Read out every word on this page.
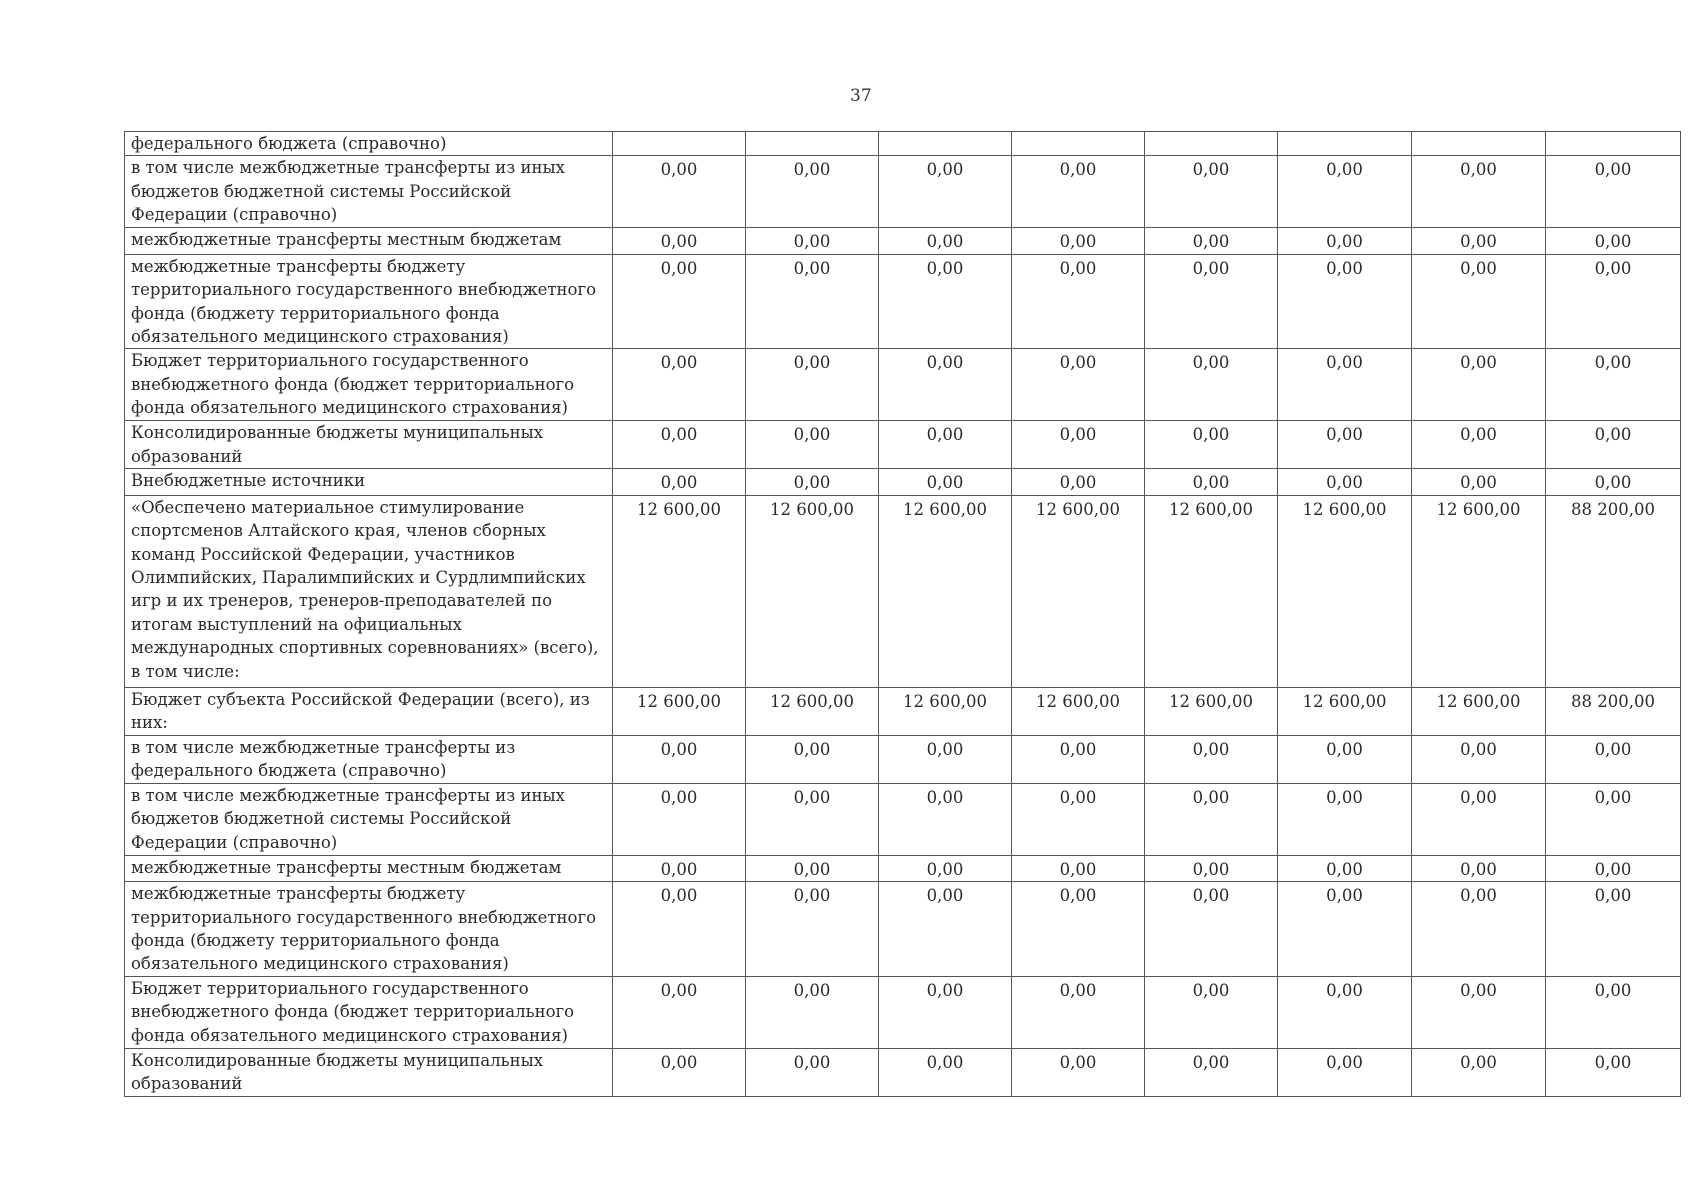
37
федерального бюджета (справочно)								
в том числе межбюджетные трансферты из иных бюджетов бюджетной системы Российской Федерации (справочно)	0,00	0,00	0,00	0,00	0,00	0,00	0,00	0,00
межбюджетные трансферты местным бюджетам	0,00	0,00	0,00	0,00	0,00	0,00	0,00	0,00
межбюджетные трансферты бюджету территориального государственного внебюджетного фонда (бюджету территориального фонда обязательного медицинского страхования)	0,00	0,00	0,00	0,00	0,00	0,00	0,00	0,00
Бюджет территориального государственного внебюджетного фонда (бюджет территориального фонда обязательного медицинского страхования)	0,00	0,00	0,00	0,00	0,00	0,00	0,00	0,00
Консолидированные бюджеты муниципальных образований	0,00	0,00	0,00	0,00	0,00	0,00	0,00	0,00
Внебюджетные источники	0,00	0,00	0,00	0,00	0,00	0,00	0,00	0,00
«Обеспечено материальное стимулирование спортсменов Алтайского края, членов сборных команд Российской Федерации, участников Олимпийских, Паралимпийских и Сурдлимпийских игр и их тренеров, тренеров-преподавателей по итогам выступлений на официальных международных спортивных соревнованиях» (всего), в том числе:	12 600,00	12 600,00	12 600,00	12 600,00	12 600,00	12 600,00	12 600,00	88 200,00
Бюджет субъекта Российской Федерации (всего), из них:	12 600,00	12 600,00	12 600,00	12 600,00	12 600,00	12 600,00	12 600,00	88 200,00
в том числе межбюджетные трансферты из федерального бюджета (справочно)	0,00	0,00	0,00	0,00	0,00	0,00	0,00	0,00
в том числе межбюджетные трансферты из иных бюджетов бюджетной системы Российской Федерации (справочно)	0,00	0,00	0,00	0,00	0,00	0,00	0,00	0,00
межбюджетные трансферты местным бюджетам	0,00	0,00	0,00	0,00	0,00	0,00	0,00	0,00
межбюджетные трансферты бюджету территориального государственного внебюджетного фонда (бюджету территориального фонда обязательного медицинского страхования)	0,00	0,00	0,00	0,00	0,00	0,00	0,00	0,00
Бюджет территориального государственного внебюджетного фонда (бюджет территориального фонда обязательного медицинского страхования)	0,00	0,00	0,00	0,00	0,00	0,00	0,00	0,00
Консолидированные бюджеты муниципальных образований	0,00	0,00	0,00	0,00	0,00	0,00	0,00	0,00
